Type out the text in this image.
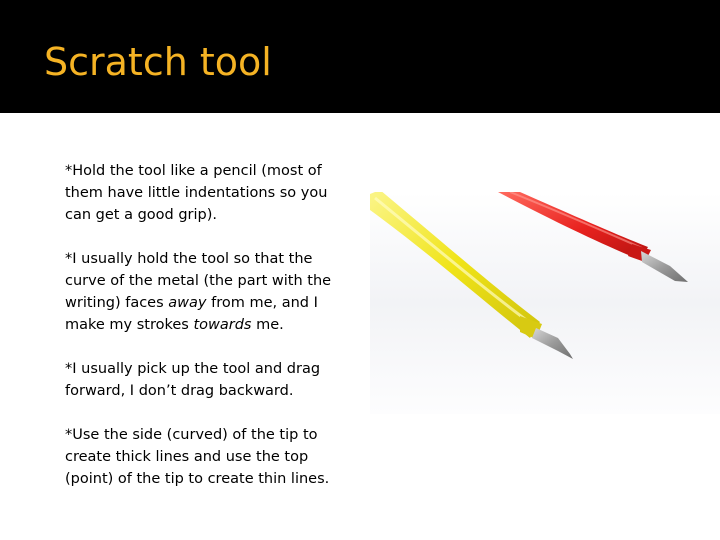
Scratch tool
*Hold the tool like a pencil (most of them have little indentations so you can get a good grip).
*I usually hold the tool so that the curve of the metal (the part with the writing) faces away from me, and I make my strokes towards me.
*I usually pick up the tool and drag forward, I don’t drag backward.
*Use the side (curved) of the tip to create thick lines and use the top (point) of the tip to create thin lines.
